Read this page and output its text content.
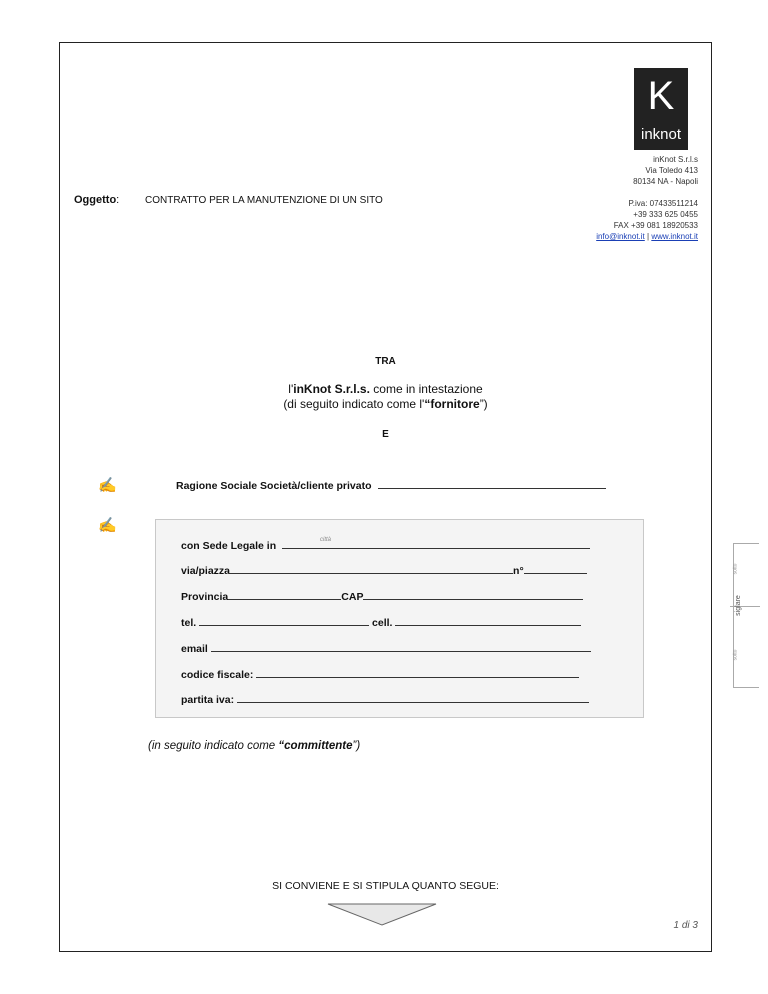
K
inknot
inKnot S.r.l.s
Via Toledo 413
80134 NA - Napoli
P.iva: 07433511214
+39 333 625 0455
FAX +39 081 18920533
info@inknot.it | www.inknot.it
Oggetto:	CONTRATTO PER LA MANUTENZIONE DI UN SITO
TRA
l'inKnot S.r.l.s. come in intestazione
(di seguito indicato come l'“fornitore”)
E
✍
✍
Ragione Sociale Società/cliente privato
città
con Sede Legale in
via/piazza	n°
Provincia	CAP
tel.	cell.
email
codice fiscale:
partita iva:
(in seguito indicato come “committente”)
SI CONVIENE E SI STIPULA QUANTO SEGUE:
1 di 3
sotto
siglare
sotto
